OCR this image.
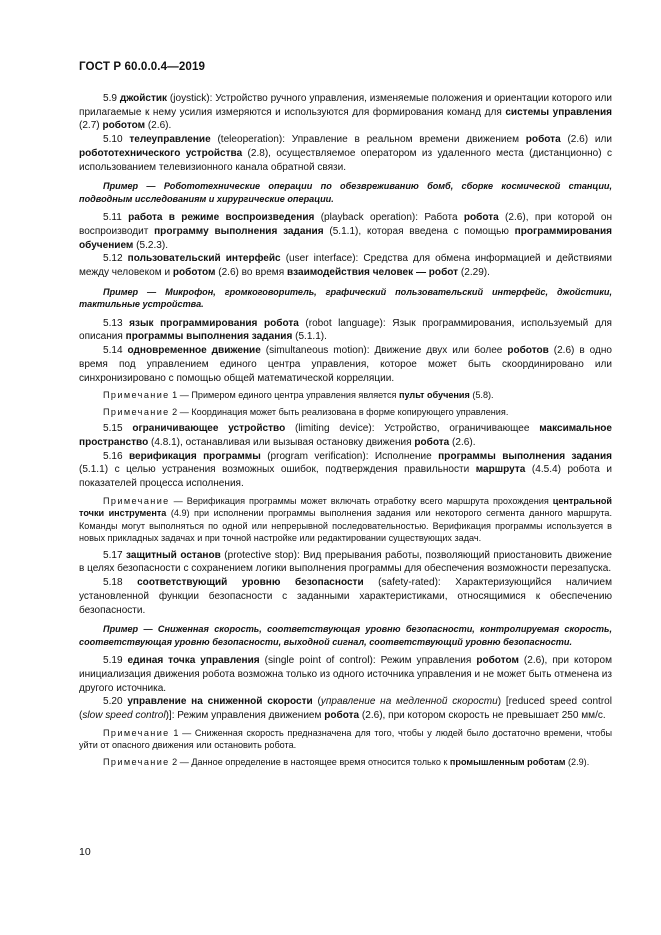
ГОСТ Р 60.0.0.4—2019

5.9 джойстик (joystick): Устройство ручного управления, изменяемые положения и ориентации которого или прилагаемые к нему усилия измеряются и используются для формирования команд для системы управления (2.7) роботом (2.6).

5.10 телеуправление (teleoperation): Управление в реальном времени движением робота (2.6) или робототехнического устройства (2.8), осуществляемое оператором из удаленного места (дистанционно) с использованием телевизионного канала обратной связи.

Пример — Робототехнические операции по обезвреживанию бомб, сборке космической станции, подводным исследованиям и хирургические операции.

5.11 работа в режиме воспроизведения (playback operation): Работа робота (2.6), при которой он воспроизводит программу выполнения задания (5.1.1), которая введена с помощью программирования обучением (5.2.3).

5.12 пользовательский интерфейс (user interface): Средства для обмена информацией и действиями между человеком и роботом (2.6) во время взаимодействия человек — робот (2.29).

Пример — Микрофон, громкоговоритель, графический пользовательский интерфейс, джойстики, тактильные устройства.

5.13 язык программирования робота (robot language): Язык программирования, используемый для описания программы выполнения задания (5.1.1).

5.14 одновременное движение (simultaneous motion): Движение двух или более роботов (2.6) в одно время под управлением единого центра управления, которое может быть скоординировано или синхронизировано с помощью общей математической корреляции.

Примечание 1 — Примером единого центра управления является пульт обучения (5.8).

Примечание 2 — Координация может быть реализована в форме копирующего управления.

5.15 ограничивающее устройство (limiting device): Устройство, ограничивающее максимальное пространство (4.8.1), останавливая или вызывая остановку движения робота (2.6).

5.16 верификация программы (program verification): Исполнение программы выполнения задания (5.1.1) с целью устранения возможных ошибок, подтверждения правильности маршрута (4.5.4) робота и показателей процесса исполнения.

Примечание — Верификация программы может включать отработку всего маршрута прохождения центральной точки инструмента (4.9) при исполнении программы выполнения задания или некоторого сегмента данного маршрута. Команды могут выполняться по одной или непрерывной последовательностью. Верификация программы используется в новых прикладных задачах и при точной настройке или редактировании существующих задач.

5.17 защитный останов (protective stop): Вид прерывания работы, позволяющий приостановить движение в целях безопасности с сохранением логики выполнения программы для обеспечения возможности перезапуска.

5.18 соответствующий уровню безопасности (safety-rated): Характеризующийся наличием установленной функции безопасности с заданными характеристиками, относящимися к обеспечению безопасности.

Пример — Сниженная скорость, соответствующая уровню безопасности, контролируемая скорость, соответствующая уровню безопасности, выходной сигнал, соответствующий уровню безопасности.

5.19 единая точка управления (single point of control): Режим управления роботом (2.6), при котором инициализация движения робота возможна только из одного источника управления и не может быть отменена из другого источника.

5.20 управление на сниженной скорости (управление на медленной скорости) [reduced speed control (slow speed control)]: Режим управления движением робота (2.6), при котором скорость не превышает 250 мм/с.

Примечание 1 — Сниженная скорость предназначена для того, чтобы у людей было достаточно времени, чтобы уйти от опасного движения или остановить робота.

Примечание 2 — Данное определение в настоящее время относится только к промышленным роботам (2.9).

10
